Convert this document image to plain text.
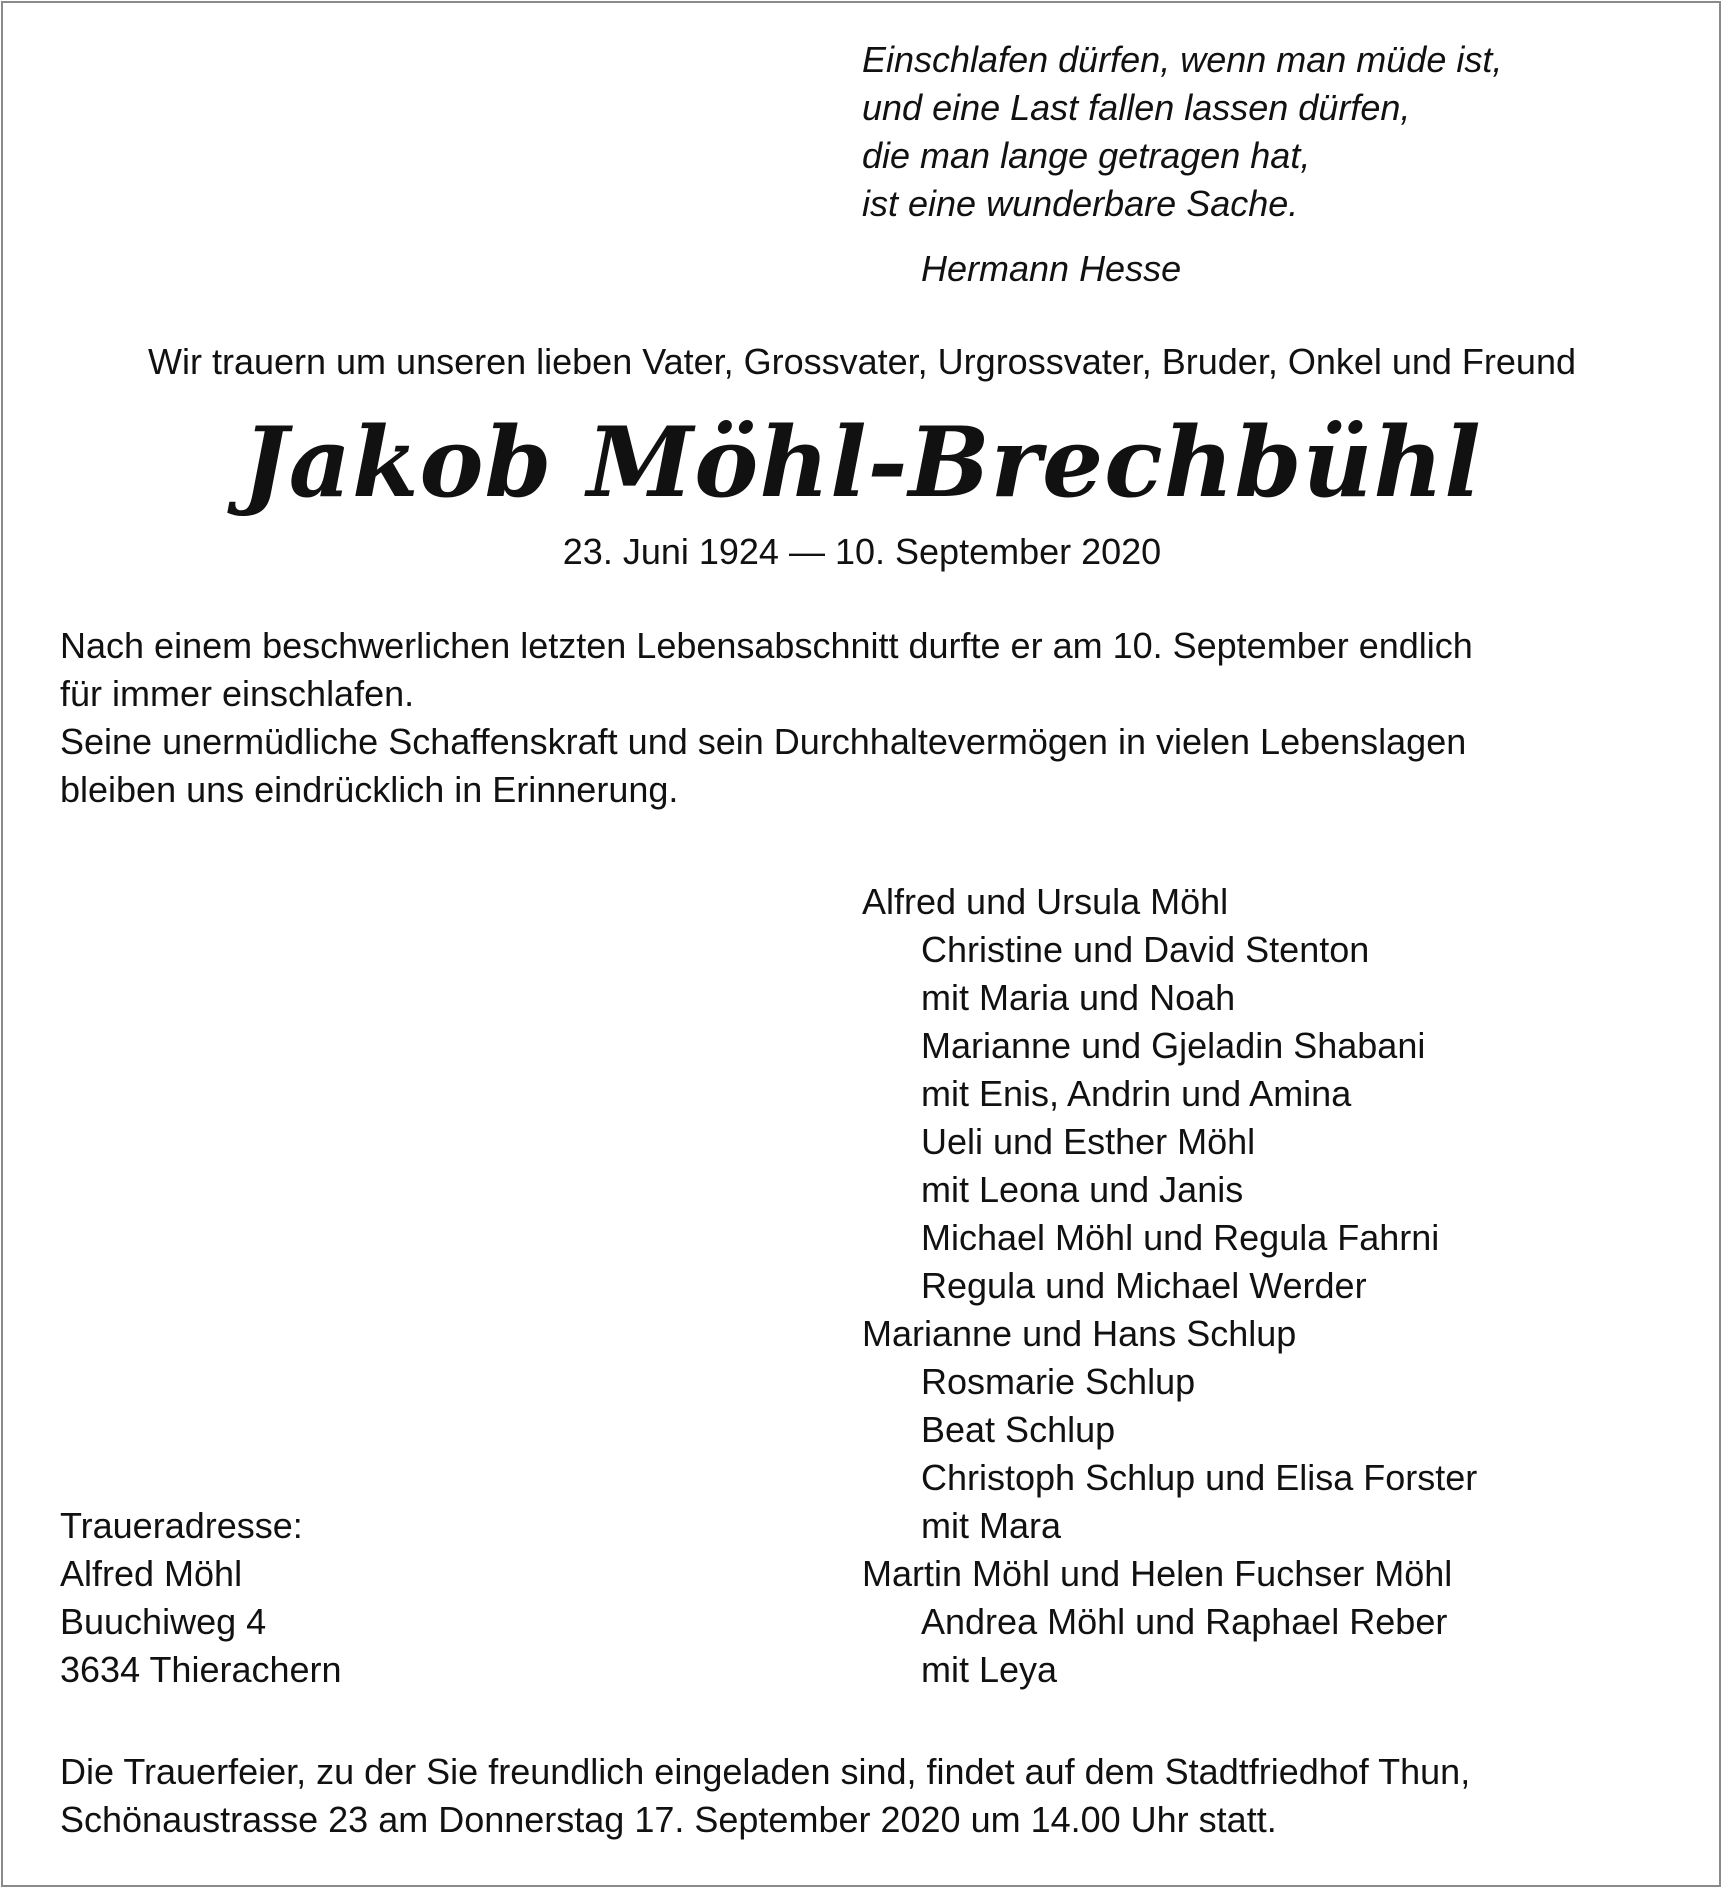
Einschlafen dürfen, wenn man müde ist,
und eine Last fallen lassen dürfen,
die man lange getragen hat,
ist eine wunderbare Sache.
Hermann Hesse
Wir trauern um unseren lieben Vater, Grossvater, Urgrossvater, Bruder, Onkel und Freund
Jakob Möhl-Brechbühl
23. Juni 1924 — 10. September 2020
Nach einem beschwerlichen letzten Lebensabschnitt durfte er am 10. September endlich
für immer einschlafen.
Seine unermüdliche Schaffenskraft und sein Durchhaltevermögen in vielen Lebenslagen
bleiben uns eindrücklich in Erinnerung.
Alfred und Ursula Möhl
Christine und David Stenton
mit Maria und Noah
Marianne und Gjeladin Shabani
mit Enis, Andrin und Amina
Ueli und Esther Möhl
mit Leona und Janis
Michael Möhl und Regula Fahrni
Regula und Michael Werder
Marianne und Hans Schlup
Rosmarie Schlup
Beat Schlup
Christoph Schlup und Elisa Forster
mit Mara
Martin Möhl und Helen Fuchser Möhl
Andrea Möhl und Raphael Reber
mit Leya
Traueradresse:
Alfred Möhl
Buuchiweg 4
3634 Thierachern
Die Trauerfeier, zu der Sie freundlich eingeladen sind, findet auf dem Stadtfriedhof Thun,
Schönaustrasse 23 am Donnerstag 17. September 2020 um 14.00 Uhr statt.
